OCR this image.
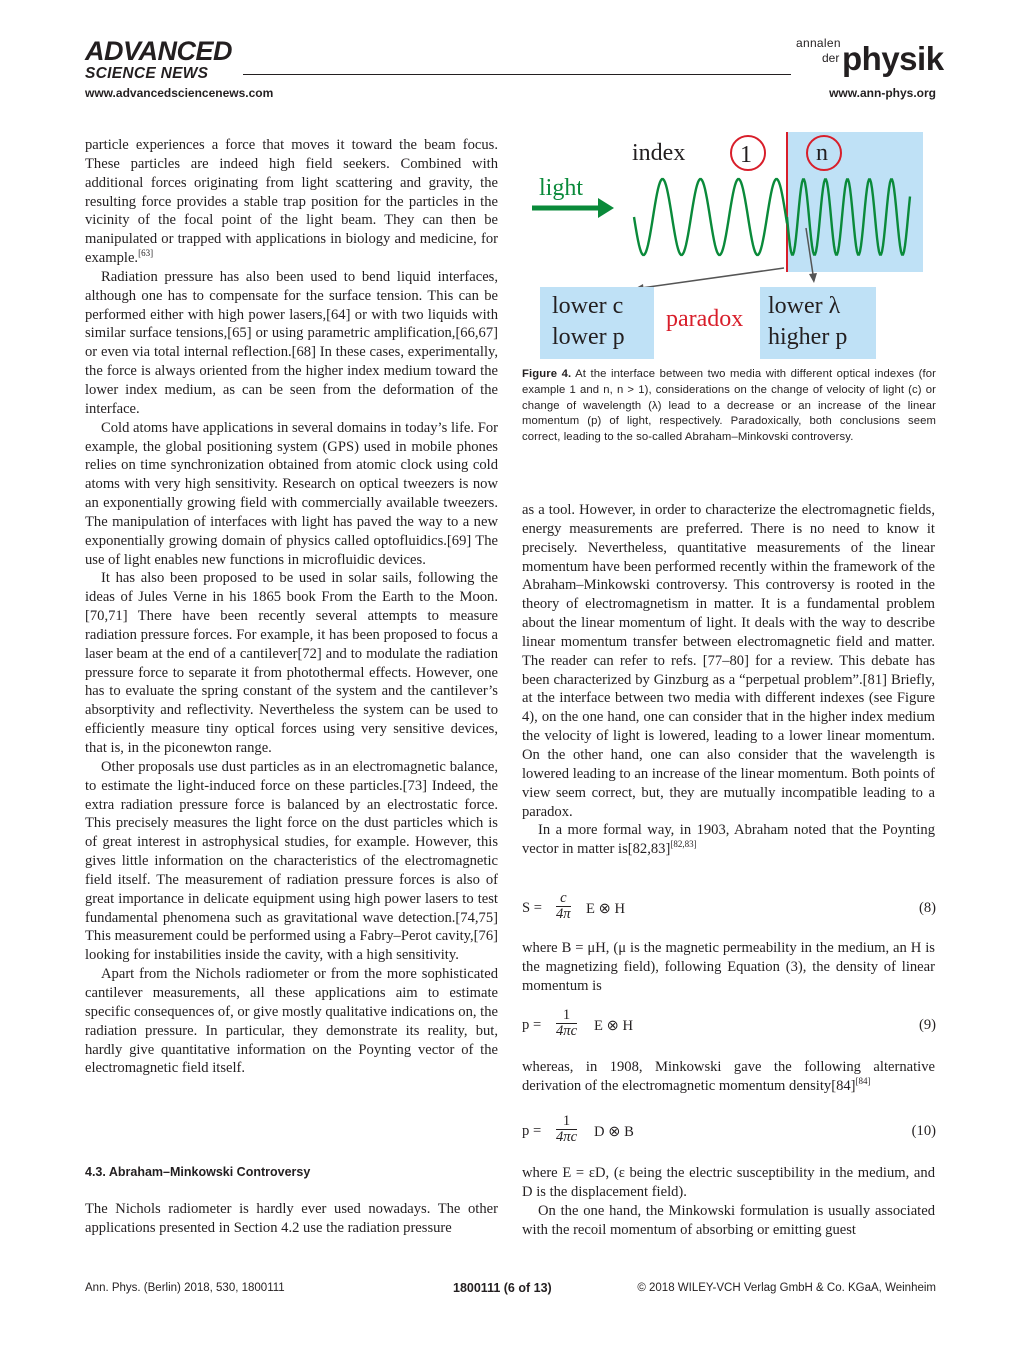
ADVANCED
SCIENCE NEWS
www.advancedsciencenews.com
annalen
der physik
www.ann-phys.org

particle experiences a force that moves it toward the beam focus. These particles are indeed high field seekers. Combined with additional forces originating from light scattering and gravity, the resulting force provides a stable trap position for the particles in the vicinity of the focal point of the light beam. They can then be manipulated or trapped with applications in biology and medicine, for example.[63]

Radiation pressure has also been used to bend liquid interfaces, although one has to compensate for the surface tension. This can be performed either with high power lasers,[64] or with two liquids with similar surface tensions,[65] or using parametric amplification,[66,67] or even via total internal reflection.[68] In these cases, experimentally, the force is always oriented from the higher index medium toward the lower index medium, as can be seen from the deformation of the interface.

Cold atoms have applications in several domains in today’s life. For example, the global positioning system (GPS) used in mobile phones relies on time synchronization obtained from atomic clock using cold atoms with very high sensitivity. Research on optical tweezers is now an exponentially growing field with commercially available tweezers. The manipulation of interfaces with light has paved the way to a new exponentially growing domain of physics called optofluidics.[69] The use of light enables new functions in microfluidic devices.

It has also been proposed to be used in solar sails, following the ideas of Jules Verne in his 1865 book From the Earth to the Moon.[70,71] There have been recently several attempts to measure radiation pressure forces. For example, it has been proposed to focus a laser beam at the end of a cantilever[72] and to modulate the radiation pressure force to separate it from photothermal effects. However, one has to evaluate the spring constant of the system and the cantilever’s absorptivity and reflectivity. Nevertheless the system can be used to efficiently measure tiny optical forces using very sensitive devices, that is, in the piconewton range.

Other proposals use dust particles as in an electromagnetic balance, to estimate the light-induced force on these particles.[73] Indeed, the extra radiation pressure force is balanced by an electrostatic force. This precisely measures the light force on the dust particles which is of great interest in astrophysical studies, for example. However, this gives little information on the characteristics of the electromagnetic field itself. The measurement of radiation pressure forces is also of great importance in delicate equipment using high power lasers to test fundamental phenomena such as gravitational wave detection.[74,75] This measurement could be performed using a Fabry–Perot cavity,[76] looking for instabilities inside the cavity, with a high sensitivity.

Apart from the Nichols radiometer or from the more sophisticated cantilever measurements, all these applications aim to estimate specific consequences of, or give mostly qualitative indications on, the radiation pressure. In particular, they demonstrate its reality, but, hardly give quantitative information on the Poynting vector of the electromagnetic field itself.

4.3. Abraham–Minkowski Controversy
The Nichols radiometer is hardly ever used nowadays. The other applications presented in Section 4.2 use the radiation pressure
index 1	n
light
lower c
lower p
paradox lower λ
higher p
Figure 4. At the interface between two media with different optical indexes (for example 1 and n, n > 1), considerations on the change of velocity of light (c) or change of wavelength (λ) lead to a decrease or an increase of the linear momentum (p) of light, respectively. Paradoxically, both conclusions seem correct, leading to the so-called Abraham–Minkovski controversy.

as a tool. However, in order to characterize the electromagnetic fields, energy measurements are preferred. There is no need to know it precisely. Nevertheless, quantitative measurements of the linear momentum have been performed recently within the framework of the Abraham–Minkowski controversy. This controversy is rooted in the theory of electromagnetism in matter. It is a fundamental problem about the linear momentum of light. It deals with the way to describe linear momentum transfer between electromagnetic field and matter. The reader can refer to refs. [77–80] for a review. This debate has been characterized by Ginzburg as a “perpetual problem”.[81] Briefly, at the interface between two media with different indexes (see Figure 4), on the one hand, one can consider that in the higher index medium the velocity of light is lowered, leading to a lower linear momentum. On the other hand, one can also consider that the wavelength is lowered leading to an increase of the linear momentum. Both points of view seem correct, but, they are mutually incompatible leading to a paradox.

In a more formal way, in 1903, Abraham noted that the Poynting vector in matter is[82,83][82,83]

$S = \frac{c}{4\pi}$ E ⊗ H	(8)
where B = μH, (μ is the magnetic permeability in the medium, an H is the magnetizing field), following Equation (3), the density of linear momentum is
$p = \frac{1}{4\pi c}$ E ⊗ H	(9)
whereas, in 1908, Minkowski gave the following alternative derivation of the electromagnetic momentum density[84][84]
$p = \frac{1}{4\pi c}$ D ⊗ B	(10)

where E = εD, (ε being the electric susceptibility in the medium, and D is the displacement field).

On the one hand, the Minkowski formulation is usually associated with the recoil momentum of absorbing or emitting guest

Ann. Phys. (Berlin) 2018, 530, 1800111	1800111 (6 of 13)	© 2018 WILEY-VCH Verlag GmbH & Co. KGaA, Weinheim
